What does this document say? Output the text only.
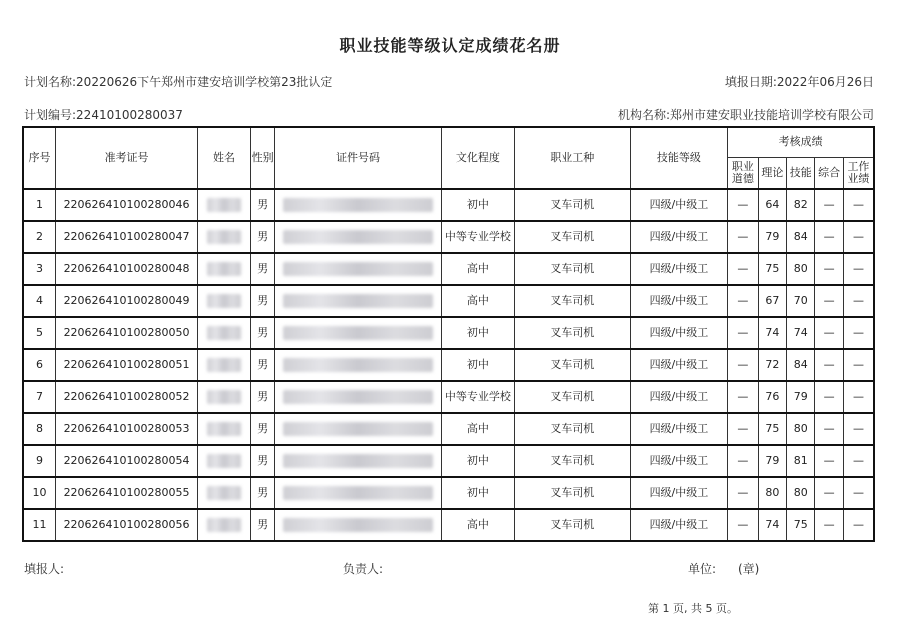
职业技能等级认定成绩花名册
计划名称:20220626下午郑州市建安培训学校第23批认定	填报日期:2022年06月26日
计划编号:22410100280037	机构名称:郑州市建安职业技能培训学校有限公司
序号	准考证号	姓名	性别	证件号码	文化程度	职业工种	技能等级	考核成绩				
								职业道德	理论	技能	综合	工作业绩
1	220626410100280046		男		初中	叉车司机	四级/中级工	—	64	82	—	—
2	220626410100280047		男		中等专业学校	叉车司机	四级/中级工	—	79	84	—	—
3	220626410100280048		男		高中	叉车司机	四级/中级工	—	75	80	—	—
4	220626410100280049		男		高中	叉车司机	四级/中级工	—	67	70	—	—
5	220626410100280050		男		初中	叉车司机	四级/中级工	—	74	74	—	—
6	220626410100280051		男		初中	叉车司机	四级/中级工	—	72	84	—	—
7	220626410100280052		男		中等专业学校	叉车司机	四级/中级工	—	76	79	—	—
8	220626410100280053		男		高中	叉车司机	四级/中级工	—	75	80	—	—
9	220626410100280054		男		初中	叉车司机	四级/中级工	—	79	81	—	—
10	220626410100280055		男		初中	叉车司机	四级/中级工	—	80	80	—	—
11	220626410100280056		男		高中	叉车司机	四级/中级工	—	74	75	—	—
填报人:	负责人:	单位: (章)
第 1 页, 共 5 页。
